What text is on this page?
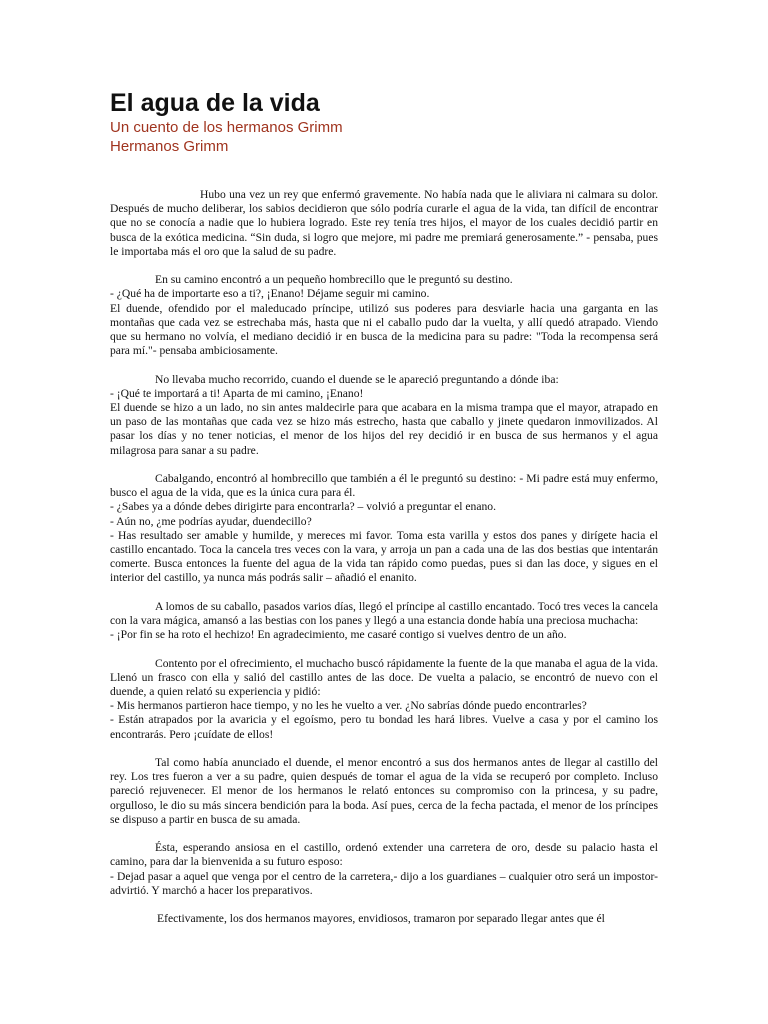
El agua de la vida

Un cuento de los hermanos Grimm

Hermanos Grimm

Hubo una vez un rey que enfermó gravemente. No había nada que le aliviara ni calmara su dolor. Después de mucho deliberar, los sabios decidieron que sólo podría curarle el agua de la vida, tan difícil de encontrar que no se conocía a nadie que lo hubiera logrado. Este rey tenía tres hijos, el mayor de los cuales decidió partir en busca de la exótica medicina. “Sin duda, si logro que mejore, mi padre me premiará generosamente.” - pensaba, pues le importaba más el oro que la salud de su padre.
En su camino encontró a un pequeño hombrecillo que le preguntó su destino.
- ¿Qué ha de importarte eso a ti?, ¡Enano! Déjame seguir mi camino.
El duende, ofendido por el maleducado príncipe, utilizó sus poderes para desviarle hacia una garganta en las montañas que cada vez se estrechaba más, hasta que ni el caballo pudo dar la vuelta, y allí quedó atrapado. Viendo que su hermano no volvía, el mediano decidió ir en busca de la medicina para su padre: "Toda la recompensa será para mí."- pensaba ambiciosamente.
No llevaba mucho recorrido, cuando el duende se le apareció preguntando a dónde iba:
- ¡Qué te importará a ti! Aparta de mi camino, ¡Enano!
El duende se hizo a un lado, no sin antes maldecirle para que acabara en la misma trampa que el mayor, atrapado en un paso de las montañas que cada vez se hizo más estrecho, hasta que caballo y jinete quedaron inmovilizados. Al pasar los días y no tener noticias, el menor de los hijos del rey decidió ir en busca de sus hermanos y el agua milagrosa para sanar a su padre.
Cabalgando, encontró al hombrecillo que también a él le preguntó su destino: - Mi padre está muy enfermo, busco el agua de la vida, que es la única cura para él.
- ¿Sabes ya a dónde debes dirigirte para encontrarla? – volvió a preguntar el enano.
- Aún no, ¿me podrías ayudar, duendecillo?
- Has resultado ser amable y humilde, y mereces mi favor. Toma esta varilla y estos dos panes y dirígete hacia el castillo encantado. Toca la cancela tres veces con la vara, y arroja un pan a cada una de las dos bestias que intentarán comerte. Busca entonces la fuente del agua de la vida tan rápido como puedas, pues si dan las doce, y sigues en el interior del castillo, ya nunca más podrás salir – añadió el enanito.
A lomos de su caballo, pasados varios días, llegó el príncipe al castillo encantado. Tocó tres veces la cancela con la vara mágica, amansó a las bestias con los panes y llegó a una estancia donde había una preciosa muchacha:
- ¡Por fin se ha roto el hechizo! En agradecimiento, me casaré contigo si vuelves dentro de un año.
Contento por el ofrecimiento, el muchacho buscó rápidamente la fuente de la que manaba el agua de la vida. Llenó un frasco con ella y salió del castillo antes de las doce. De vuelta a palacio, se encontró de nuevo con el duende, a quien relató su experiencia y pidió:
- Mis hermanos partieron hace tiempo, y no les he vuelto a ver. ¿No sabrías dónde puedo encontrarles?
- Están atrapados por la avaricia y el egoísmo, pero tu bondad les hará libres. Vuelve a casa y por el camino los encontrarás. Pero ¡cuídate de ellos!
Tal como había anunciado el duende, el menor encontró a sus dos hermanos antes de llegar al castillo del rey. Los tres fueron a ver a su padre, quien después de tomar el agua de la vida se recuperó por completo. Incluso pareció rejuvenecer. El menor de los hermanos le relató entonces su compromiso con la princesa, y su padre, orgulloso, le dio su más sincera bendición para la boda. Así pues, cerca de la fecha pactada, el menor de los príncipes se dispuso a partir en busca de su amada.
Ésta, esperando ansiosa en el castillo, ordenó extender una carretera de oro, desde su palacio hasta el camino, para dar la bienvenida a su futuro esposo:
- Dejad pasar a aquel que venga por el centro de la carretera,- dijo a los guardianes – cualquier otro será un impostor- advirtió. Y marchó a hacer los preparativos.
Efectivamente, los dos hermanos mayores, envidiosos, tramaron por separado llegar antes que él
